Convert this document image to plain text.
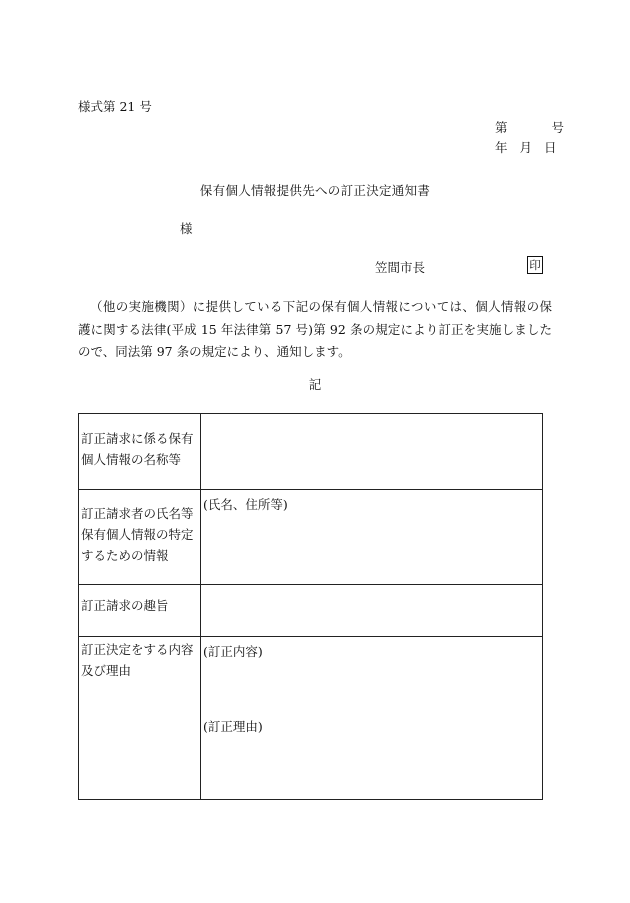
様式第 21 号
第	号
年 月 日
保有個人情報提供先への訂正決定通知書
様
笠間市長	印
（他の実施機関）に提供している下記の保有個人情報については、個人情報の保護に関する法律(平成 15 年法律第 57 号)第 92 条の規定により訂正を実施しましたので、同法第 97 条の規定により、通知します。
記
訂正請求に係る保有個人情報の名称等	
訂正請求者の氏名等保有個人情報の特定するための情報	(氏名、住所等)
訂正請求の趣旨	
訂正決定をする内容及び理由	(訂正内容)
(訂正理由)
